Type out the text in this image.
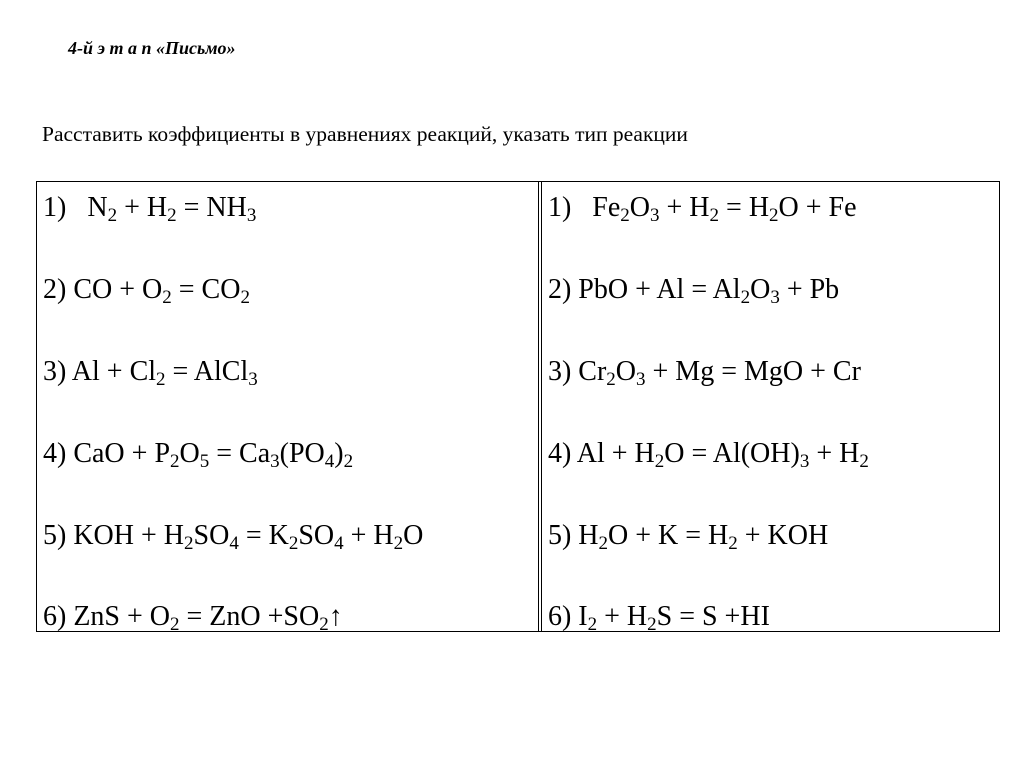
4-й э т а п «Письмо»
Расставить коэффициенты в уравнениях реакций, указать тип реакции
1) $N_2 + H_2 = NH_3$
2) CO + $O_2 = CO_2$
3) $Al + Cl_2$ = AlCl$_3$
4) CaO + $P_2O_5 = Ca_3(PO_4)_2$
5) KOH + $H_2SO_4 = K_2SO_4 + H_2O$
6) ZnS + $O_2$ = ZnO $+SO_2↑$
1) $Fe_2O_3 + H_2 = H_2O + Fe$
2) PbO + $Al = Al_2O_3 + Pb$
3) $Cr_2O_3 + Mg$ = MgO + Cr
4) $Al + H_2O = Al(OH)_3 + H_2$
5) $H_2O + K = H_2$ + KOH
6) $I_2 + H_2S = S +HI$
